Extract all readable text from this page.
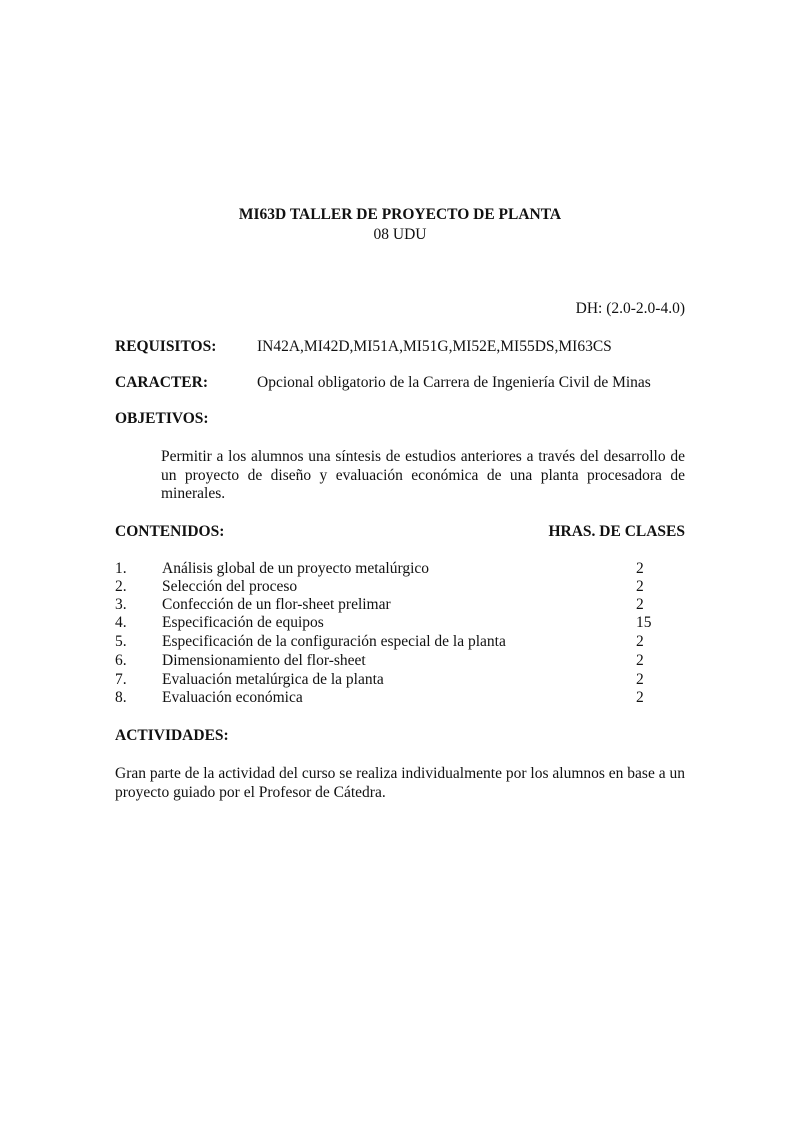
MI63D TALLER DE PROYECTO DE PLANTA
08 UDU
DH: (2.0-2.0-4.0)
REQUISITOS:	IN42A,MI42D,MI51A,MI51G,MI52E,MI55DS,MI63CS
CARACTER:	Opcional obligatorio de la Carrera de Ingeniería Civil de Minas
OBJETIVOS:
Permitir a los alumnos una síntesis de estudios anteriores a través del desarrollo de un proyecto de diseño y evaluación económica de una planta procesadora de minerales.
CONTENIDOS:	HRAS. DE CLASES
1. Análisis global de un proyecto metalúrgico	2
2. Selección del proceso	2
3. Confección de un flor-sheet prelimar	2
4. Especificación de equipos	15
5. Especificación de la configuración especial de la planta	2
6. Dimensionamiento del flor-sheet	2
7. Evaluación metalúrgica de la planta	2
8. Evaluación económica	2
ACTIVIDADES:
Gran parte de la actividad del curso se realiza individualmente por los alumnos en base a un proyecto guiado por el Profesor de Cátedra.
